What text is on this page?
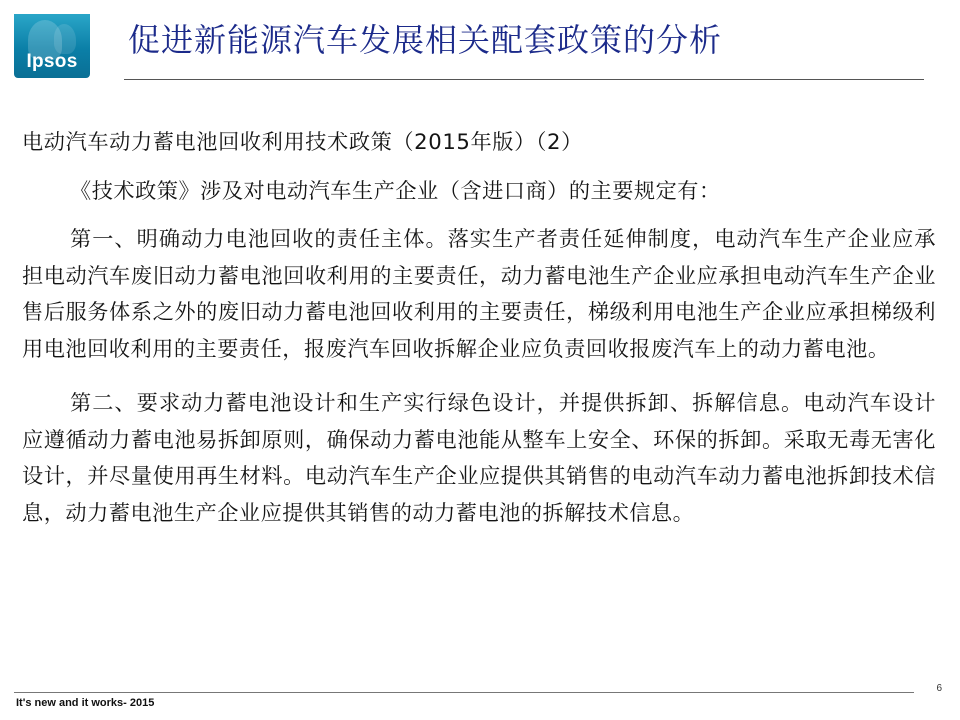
Ipsos
促进新能源汽车发展相关配套政策的分析

电动汽车动力蓄电池回收利用技术政策（2015年版）（2）

《技术政策》涉及对电动汽车生产企业（含进口商）的主要规定有：

第一、明确动力电池回收的责任主体。落实生产者责任延伸制度，电动汽车生产企业应承担电动汽车废旧动力蓄电池回收利用的主要责任，动力蓄电池生产企业应承担电动汽车生产企业售后服务体系之外的废旧动力蓄电池回收利用的主要责任，梯级利用电池生产企业应承担梯级利用电池回收利用的主要责任，报废汽车回收拆解企业应负责回收报废汽车上的动力蓄电池。

第二、要求动力蓄电池设计和生产实行绿色设计，并提供拆卸、拆解信息。电动汽车设计应遵循动力蓄电池易拆卸原则，确保动力蓄电池能从整车上安全、环保的拆卸。采取无毒无害化设计，并尽量使用再生材料。电动汽车生产企业应提供其销售的电动汽车动力蓄电池拆卸技术信息，动力蓄电池生产企业应提供其销售的动力蓄电池的拆解技术信息。

6
It's new and it works- 2015
